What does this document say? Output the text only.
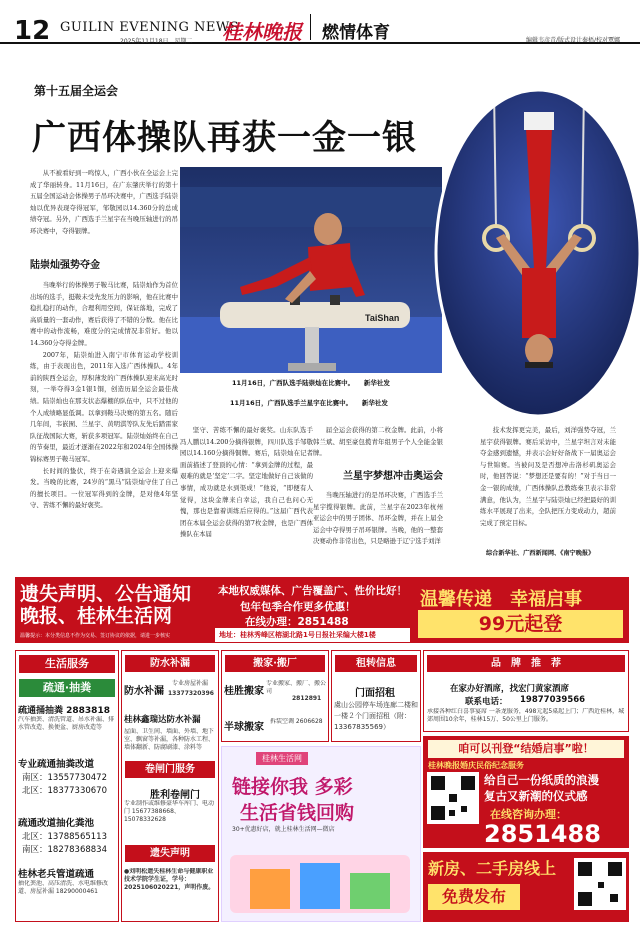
12 GUILIN EVENING NEWS
2025年11月18日　星期二 桂林晚报 燃情体育	编辑韦彦青/版式设计秦梧/校对覃娜
第十五届全运会
广西体操队再获一金一银

从不被看好到一鸣惊人，广西小伙在全运会上完成了华丽转身。11月16日，在广东肇庆举行的第十五届全国运动会体操男子吊环决赛中，广西选手陆崇灿以优异表现夺得冠军，邹敬园以14.360分的总成绩夺冠。另外，广西选手兰星宇在当晚压轴进行的吊环决赛中，夺得银牌。

陆崇灿强势夺金

当晚举行的体操男子鞍马比赛，陆崇灿作为首位出场的选手，挺鞍未受先发压力的影响，他在比赛中稳扎稳打的动作，合理利用空间，保证落地，完成了高质量的一套动作，赛后获得了不错的分数。他在比赛中的动作流畅，难度分的完成情况非常好。他以14.360分夺得金牌。

2007年，陆崇灿进入南宁市体育运动学校训练，由于表现出色，2011年入选广西体操队。4年前的陕西全运会，厚积薄发的广西体操队迎来高光时刻，一举夺得3金1银1铜，创造历届全运会最佳战绩。陆崇灿也在那支状态爆棚的队伍中，只不过他的个人成绩略显低调。以拿到鞍马决赛的第五名。随后几年间，韦嵌囿、兰星宇、黄明淇等队友先后踏雷家队征战国际大赛，斩获多项冠军。陆崇灿始终在自己的节奏里，最近才逐渐在2022年和2024年全国体操锦标赛男子鞍马冠军。

长时间的蛰伏，终于在奇遇演全运会上迎来爆发。当晚的比赛，24岁的“黑马”陆崇灿守住了自己的擅长项目。一位冠军得到的金牌，是对他4年坚守、苦练不懈的最好褒奖。

TaiShan
11月16日，广西队选手陆崇灿在比赛中。　　新华社发
11月16日，广西队选手兰星宇在比赛中。　　新华社发

坚守、苦练不懈的最好褒奖。山东队选手冯人鹏以14.200分摘得银牌，四川队选手邹敬园以14.160分摘得铜牌。赛后，陆崇灿在记者面前描述了登顶的心情：“拿到金牌的过程，最艰难的就是‘坚定’二字。坚定地做好自己该做的事情，成功就是水到渠成！”他说，“即便有人觉得，这块金牌来自幸运，我自己也问心无愧，那也是靠着训练后应得的。”这届广西代表团在本届全运会获得的第7枚金牌，也是广西体操队在本届

届全运会获得的第二枚金牌。此前，小将韩兰斌、胡至豪包揽青年组男子个人全能金银牌。

兰星宇梦想冲击奥运会

当晚压轴进行的是吊环决赛，广西选手兰星宇揽得银牌。此前，兰星宇在2023年杭州亚运会中的男子团体、吊环金牌，并在上届全运会中夺得男子吊环银牌。当晚，他的一整套决赛动作非常出色，只是略逊于辽宁选手刘洋

技术发挥更完美，最后，刘洋强势夺冠，兰星宇获得银牌。赛后采访中，兰星宇坦言对未能夺金感到遗憾，并表示会好好备战下一届奥运会与世锦赛。当被问及是否想冲击洛杉矶奥运会时，他回答说：“梦想还是要有的！”对于当日一金一银的成绩，广西体操队总教练秦卫表示非常满意，他认为，兰星宇与陆崇灿已经把最好的训练水平展现了出来，全队把压力变成动力，超前完成了预定目标。

综合新华社、广西新闻网、《南宁晚报》
遗失声明、公告通知
晚报、桂林生活网
温馨提示：本分类信息不作为交易、签订协议的依据，请进一步核实
本地权威媒体、广告覆盖广、性价比好！
包年包季合作更多优惠！
在线办理：2851488
地址：桂林秀峰区榕湖北路1号日报社采编大楼1楼
温馨传递　幸福启事
99元起登
生活服务
疏通·抽粪
疏通捅抽粪 2883818
汽车抽粪、清洗管道、吊水补漏、排水管改造、换便盆、厨房改造等
专业疏通抽粪改道
南区：13557730472
北区：18377330670
疏通改道抽化粪池
北区：13788565113
南区：18278368834
桂林老兵管道疏通
抽化粪池、高压清洗、水电维修改道、房屋补漏 18290000461
防水补漏
防水补漏
专业房屋补漏
13377320396
桂林鑫瑞达防水补漏
屋面、卫生间、墙面、外墙、地下室、飘窗等补漏，各种防水工程、墙体翻新、防腐刷漆、涂料等
卷闸门服务
胜利卷闸门
专业制作或维修豪华车库门、电动门 15677388668、15078332628
遗失声明
●刘明松遗失桂林生命与健康职业技术学院学生证，学号：2025106020221，声明作废。
搬家·搬厂
桂胜搬家
专业搬家、搬厂、搬公司
2812891
半球搬家
拆装空调 2606628
桂林生活网
链接你我 多彩
生活省钱回购
30+优惠好店，就上桂林生活网—微店
租转信息
门面招租
虞山公园停车场连廊二楼和一楼２个门面招租（附：13367835569）
品　牌　推　荐
在家办好酒席，找宏门黄家酒席
联系电话： 19877039566
承接各种红白喜事宴席 一条龙服务，498元起5桌起上门；广西近桂林，城郊周围10余年，桂林15万、50公里上门服务。
咱可以刊登“结婚启事”啦！
桂林晚报婚庆民俗纪念服务
给自己一份纸质的浪漫
复古又新潮的仪式感
在线咨询办理：
2851488
新房、二手房线上
免费发布
